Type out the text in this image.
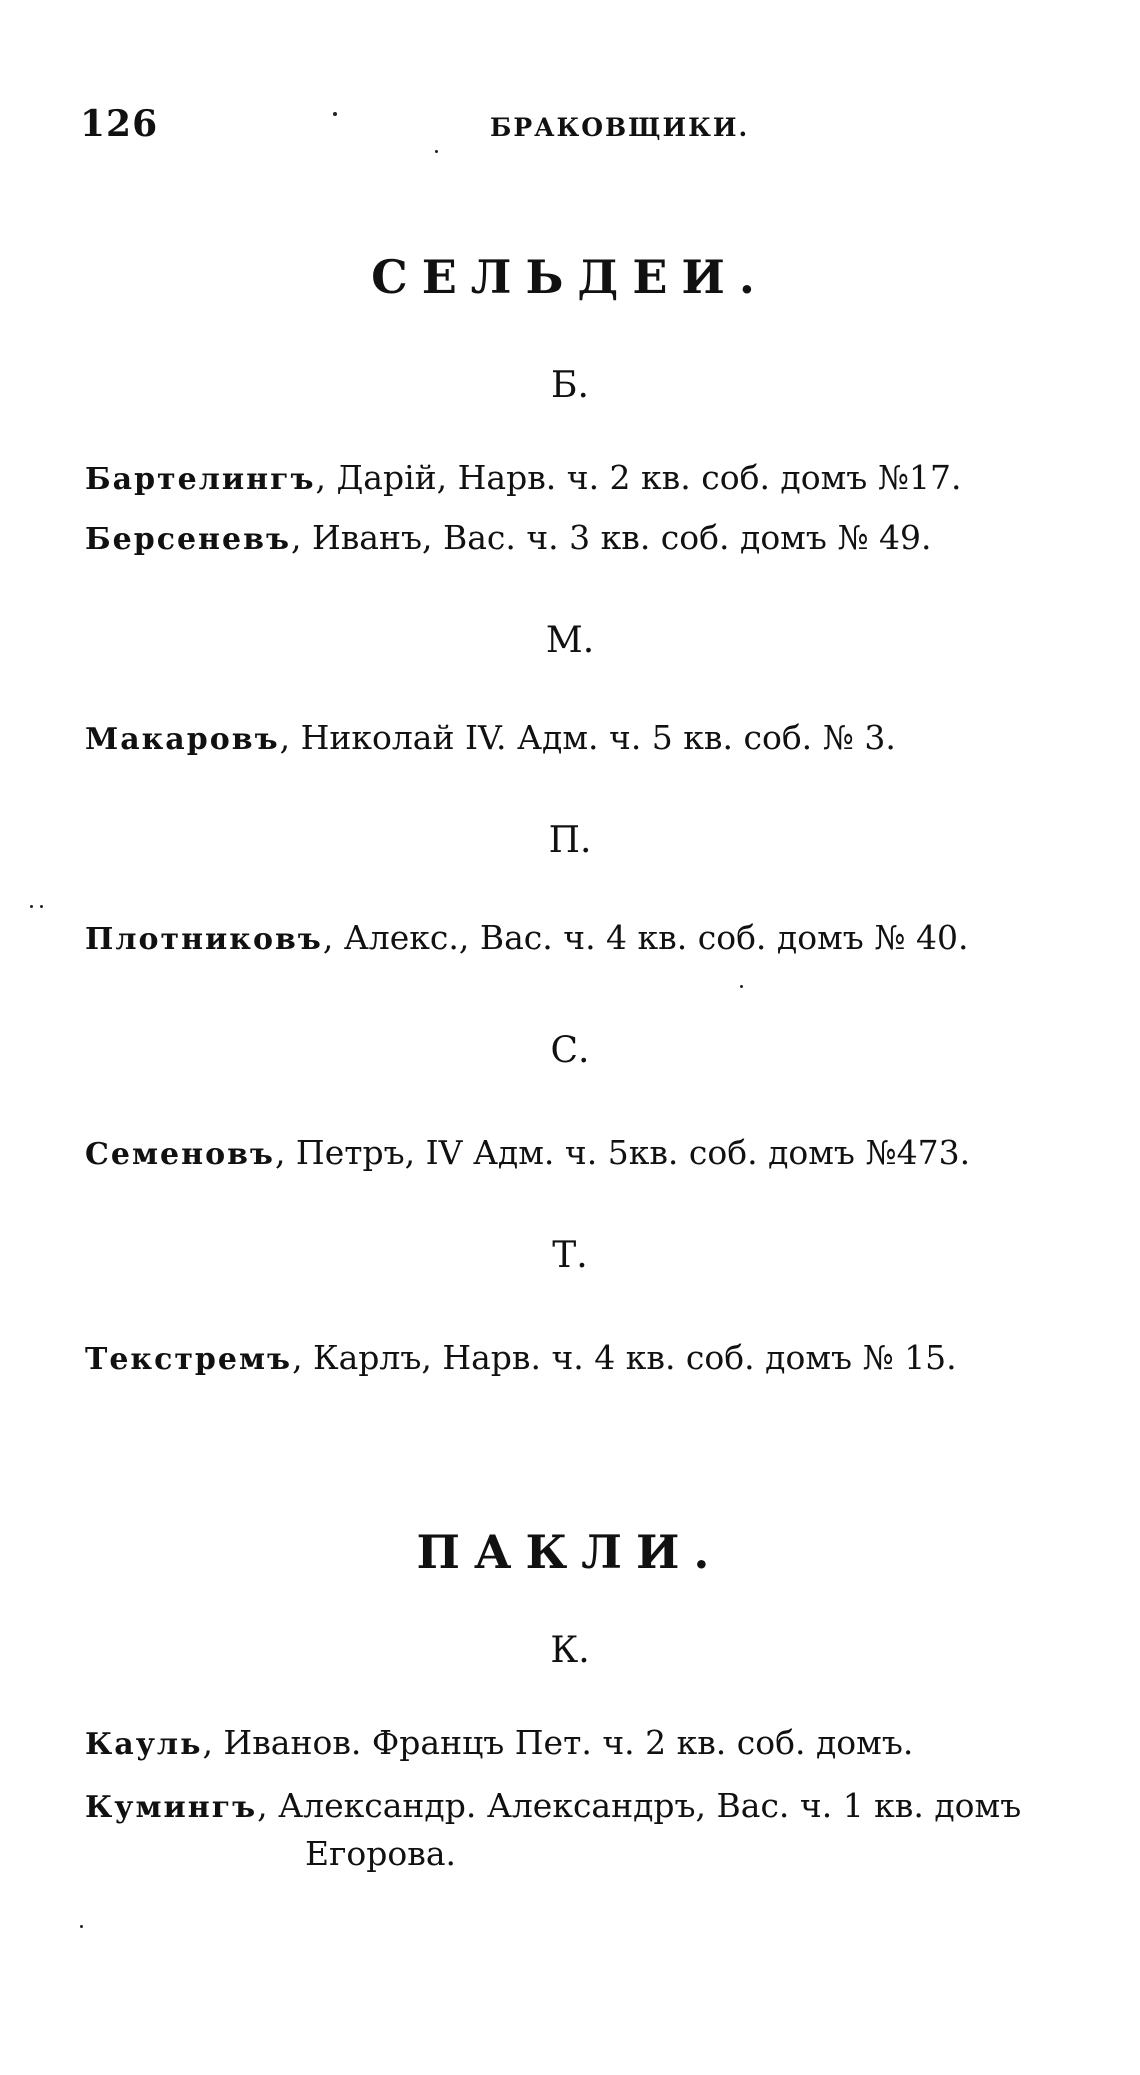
126	БРАКОВЩИКИ.
СЕЛЬДЕИ.
Б.
Бартелингъ, Дарій, Нарв. ч. 2 кв. соб. домъ №17.
Берсеневъ, Иванъ, Вас. ч. 3 кв. соб. домъ № 49.
М.
Макаровъ, Николай IV. Адм. ч. 5 кв. соб. № 3.
П.
Плотниковъ, Алекс., Вас. ч. 4 кв. соб. домъ № 40.
С.
Семеновъ, Петръ, IV Адм. ч. 5кв. соб. домъ №473.
Т.
Текстремъ, Карлъ, Нарв. ч. 4 кв. соб. домъ № 15.
ПАКЛИ.
К.
Кауль, Иванов. Францъ Пет. ч. 2 кв. соб. домъ.
Кумингъ, Александр. Александръ, Вас. ч. 1 кв. домъ
Егорова.
